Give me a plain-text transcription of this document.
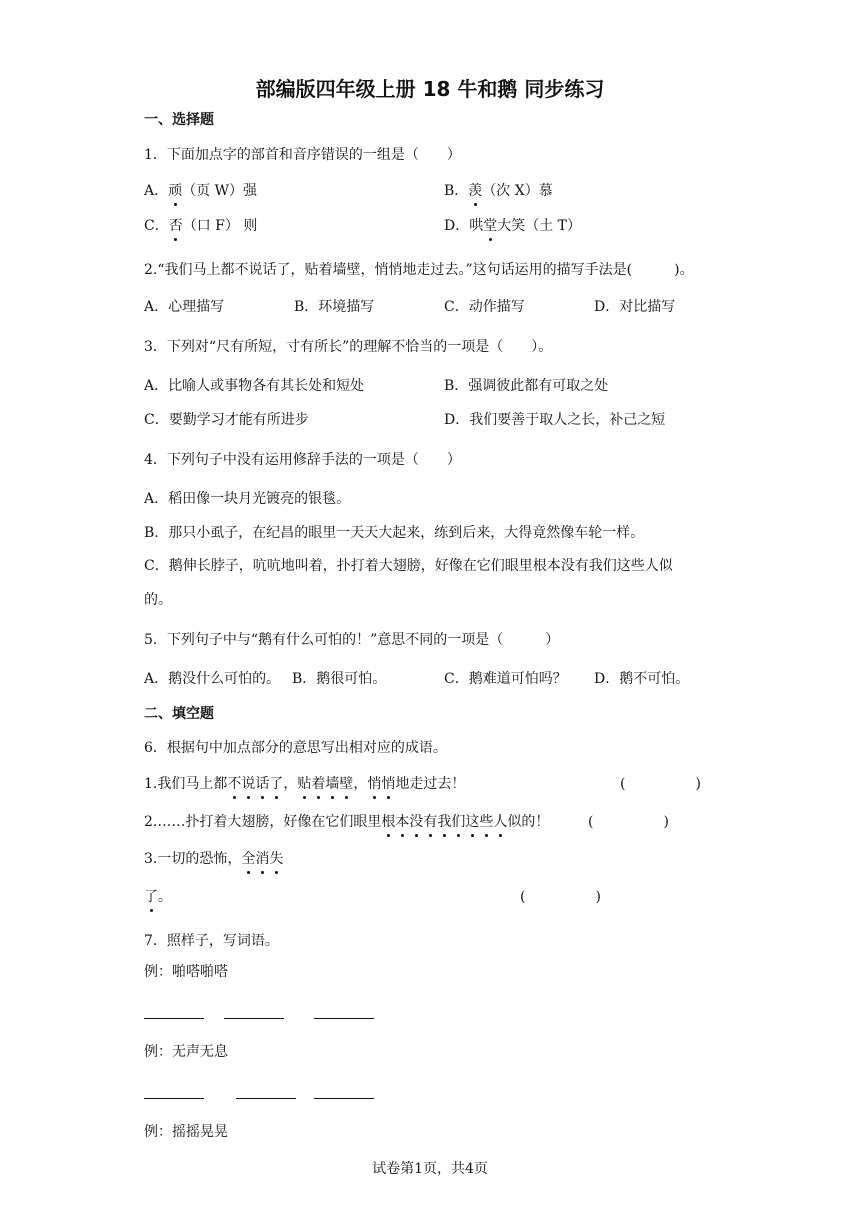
部编版四年级上册 18 牛和鹅 同步练习
一、选择题
1．下面加点字的部首和音序错误的一组是（　　）
A．顽（页 W）强	B．羡（次 X）慕
C．否（口 F） 则	D．哄堂大笑（土 T）
2.“我们马上都不说话了，贴着墙壁，悄悄地走过去。”这句话运用的描写手法是(　　　)。
A．心理描写	B．环境描写	C．动作描写	D．对比描写
3．下列对“尺有所短，寸有所长”的理解不恰当的一项是（　　）。
A．比喻人或事物各有其长处和短处	B．强调彼此都有可取之处
C．要勤学习才能有所进步	D．我们要善于取人之长，补己之短
4．下列句子中没有运用修辞手法的一项是（　　）
A．稻田像一块月光镀亮的银毯。
B．那只小虱子，在纪昌的眼里一天天大起来，练到后来，大得竟然像车轮一样。
C．鹅伸长脖子，吭吭地叫着，扑打着大翅膀，好像在它们眼里根本没有我们这些人似
的。
5．下列句子中与“鹅有什么可怕的！”意思不同的一项是（　　　）
A．鹅没什么可怕的。 B．鹅很可怕。	C．鹅难道可怕吗？ D．鹅不可怕。
二、填空题
6．根据句中加点部分的意思写出相对应的成语。
1.我们马上都不说话了，贴着墙壁，悄悄地走过去！	(　　　　　)
2.……扑打着大翅膀，好像在它们眼里根本没有我们这些人似的！	(　　　　　)
3.一切的恐怖，全消失
了。	(　　　　　)
7．照样子，写词语。
例：啪嗒啪嗒
例：无声无息
例：摇摇晃晃
试卷第1页，共4页
